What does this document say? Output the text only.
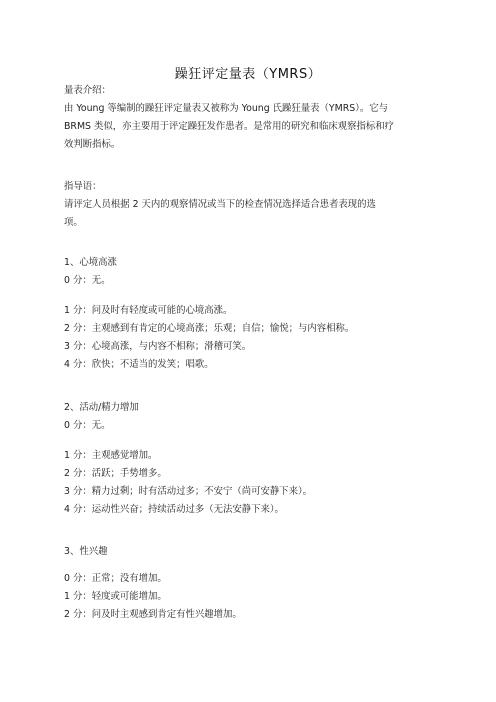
躁狂评定量表（YMRS）

量表介绍：

由 Young 等编制的躁狂评定量表又被称为 Young 氏躁狂量表（YMRS）。它与

BRMS 类似，亦主要用于评定躁狂发作患者。是常用的研究和临床观察指标和疗

效判断指标。

指导语：

请评定人员根据 2 天内的观察情况或当下的检查情况选择适合患者表现的选

项。

1、心境高涨

0 分：无。

1 分：问及时有轻度或可能的心境高涨。

2 分：主观感到有肯定的心境高涨；乐观；自信；愉悦；与内容相称。

3 分：心境高涨，与内容不相称；滑稽可笑。

4 分：欣快；不适当的发笑；唱歌。

2、活动/精力增加

0 分：无。

1 分：主观感觉增加。

2 分：活跃；手势增多。

3 分：精力过剩；时有活动过多；不安宁（尚可安静下来）。

4 分：运动性兴奋；持续活动过多（无法安静下来）。

3、性兴趣

0 分：正常；没有增加。

1 分：轻度或可能增加。

2 分：问及时主观感到肯定有性兴趣增加。
